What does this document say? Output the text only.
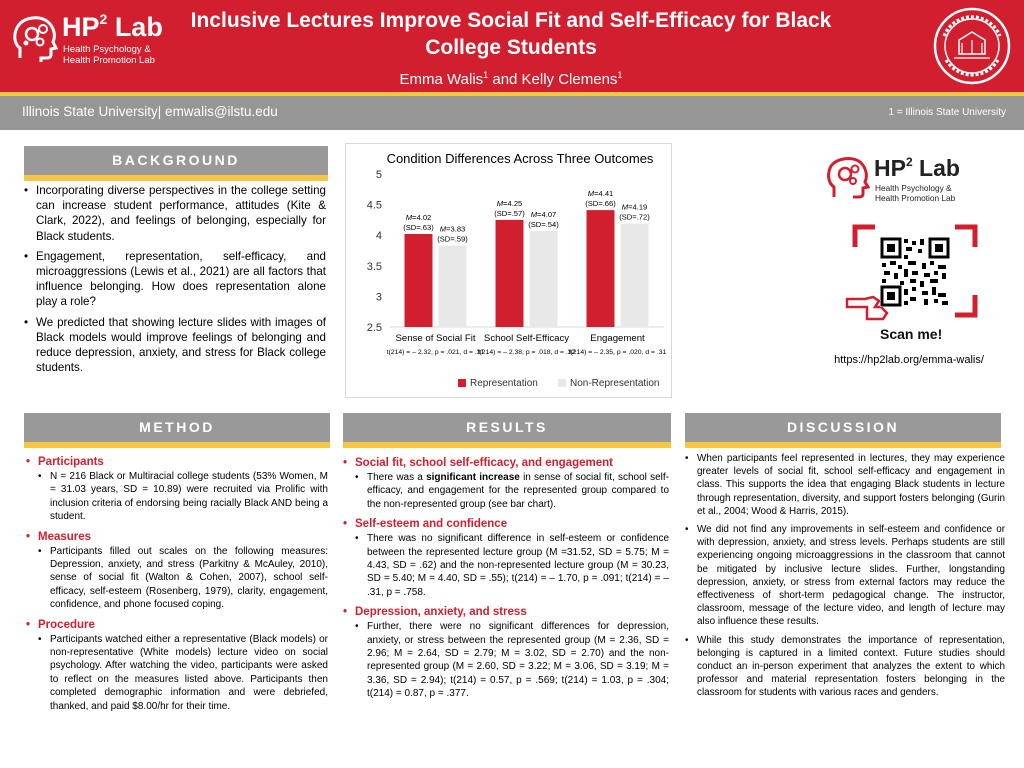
$HP^2$ Lab
Health Psychology &
Health Promotion Lab
Inclusive Lectures Improve Social Fit and Self-Efficacy for Black College Students
Emma Walis$^1$ and Kelly Clemens$^1$
Illinois State University| emwalis@ilstu.edu	1 = Illinois State University
BACKGROUND
• Incorporating diverse perspectives in the college setting can increase student performance, attitudes (Kite & Clark, 2022), and feelings of belonging, especially for Black students.
• Engagement, representation, self-efficacy, and microaggressions (Lewis et al., 2021) are all factors that influence belonging. How does representation alone play a role?
• We predicted that showing lecture slides with images of Black models would improve feelings of belonging and reduce depression, anxiety, and stress for Black college students.
Condition Differences Across Three Outcomes
2.5
3
3.5
4
4.5
5
M=4.02
(SD=.63) M=3.83
(SD=.59)
M=4.25
(SD=.57) M=4.07
(SD=.54)
M=4.41
(SD=.66) M=4.19
(SD=.72)
Sense of Social Fit
t(214) = – 2.32, p = .021, d = .31
School Self-Efficacy
t(214) = – 2.38, p = .018, d = .32
Engagement
t(214) = – 2.35, p = .020, d = .31
Representation	Non-Representation
$HP^2$ Lab
Health Psychology &
Health Promotion Lab
Scan me!
https://hp2lab.org/emma-walis/
METHOD
• Participants
• N = 216 Black or Multiracial college students (53% Women, M = 31.03 years, SD = 10.89) were recruited via Prolific with inclusion criteria of endorsing being racially Black AND being a student.
• Measures
• Participants filled out scales on the following measures: Depression, anxiety, and stress (Parkitny & McAuley, 2010), sense of social fit (Walton & Cohen, 2007), school self-efficacy, self-esteem (Rosenberg, 1979), clarity, engagement, confidence, and phone focused coping.
• Procedure
• Participants watched either a representative (Black models) or non-representative (White models) lecture video on social psychology. After watching the video, participants were asked to reflect on the measures listed above. Participants then completed demographic information and were debriefed, thanked, and paid $8.00/hr for their time.
RESULTS
• Social fit, school self-efficacy, and engagement
• There was a significant increase in sense of social fit, school self-efficacy, and engagement for the represented group compared to the non-represented group (see bar chart).
• Self-esteem and confidence
• There was no significant difference in self-esteem or confidence between the represented lecture group (M =31.52, SD = 5.75; M = 4.43, SD = .62) and the non-represented lecture group (M = 30.23, SD = 5.40; M = 4.40, SD = .55); t(214) = – 1.70, p = .091; t(214) = – .31, p = .758.
• Depression, anxiety, and stress
• Further, there were no significant differences for depression, anxiety, or stress between the represented group (M = 2.36, SD = 2.96; M = 2.64, SD = 2.79; M = 3.02, SD = 2.70) and the non-represented group (M = 2.60, SD = 3.22; M = 3.06, SD = 3.19; M = 3.36, SD = 2.94); t(214) = 0.57, p = .569; t(214) = 1.03, p = .304; t(214) = 0.87, p = .377.
DISCUSSION
• When participants feel represented in lectures, they may experience greater levels of social fit, school self-efficacy and engagement in class. This supports the idea that engaging Black students in lecture through representation, diversity, and support fosters belonging (Gurin et al., 2004; Wood & Harris, 2015).
• We did not find any improvements in self-esteem and confidence or with depression, anxiety, and stress levels. Perhaps students are still experiencing ongoing microaggressions in the classroom that cannot be mitigated by inclusive lecture slides. Further, longstanding depression, anxiety, or stress from external factors may reduce the effectiveness of short-term pedagogical change. The instructor, classroom, message of the lecture video, and length of lecture may also influence these results.
• While this study demonstrates the importance of representation, belonging is captured in a limited context. Future studies should conduct an in-person experiment that analyzes the extent to which professor and material representation fosters belonging in the classroom for students with various races and genders.
